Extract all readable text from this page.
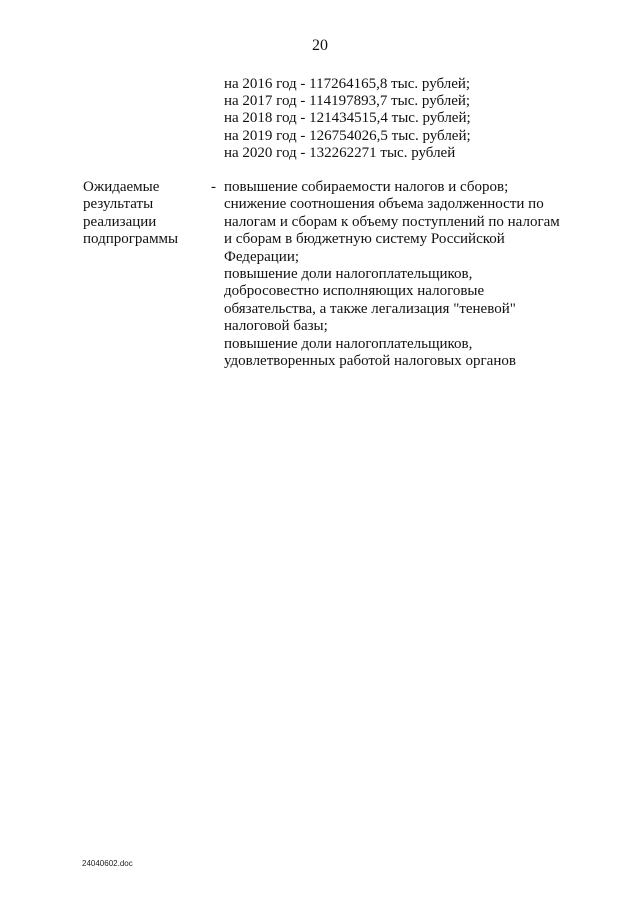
20
на 2016 год - 117264165,8 тыс. рублей;
на 2017 год - 114197893,7 тыс. рублей;
на 2018 год - 121434515,4 тыс. рублей;
на 2019 год - 126754026,5 тыс. рублей;
на 2020 год - 132262271 тыс. рублей
Ожидаемые
результаты
реализации
подпрограммы
- повышение собираемости налогов и сборов;
снижение соотношения объема задолженности по
налогам и сборам к объему поступлений по налогам
и сборам в бюджетную систему Российской
Федерации;
повышение доли налогоплательщиков,
добросовестно исполняющих налоговые
обязательства, а также легализация "теневой"
налоговой базы;
повышение доли налогоплательщиков,
удовлетворенных работой налоговых органов
24040602.doc
